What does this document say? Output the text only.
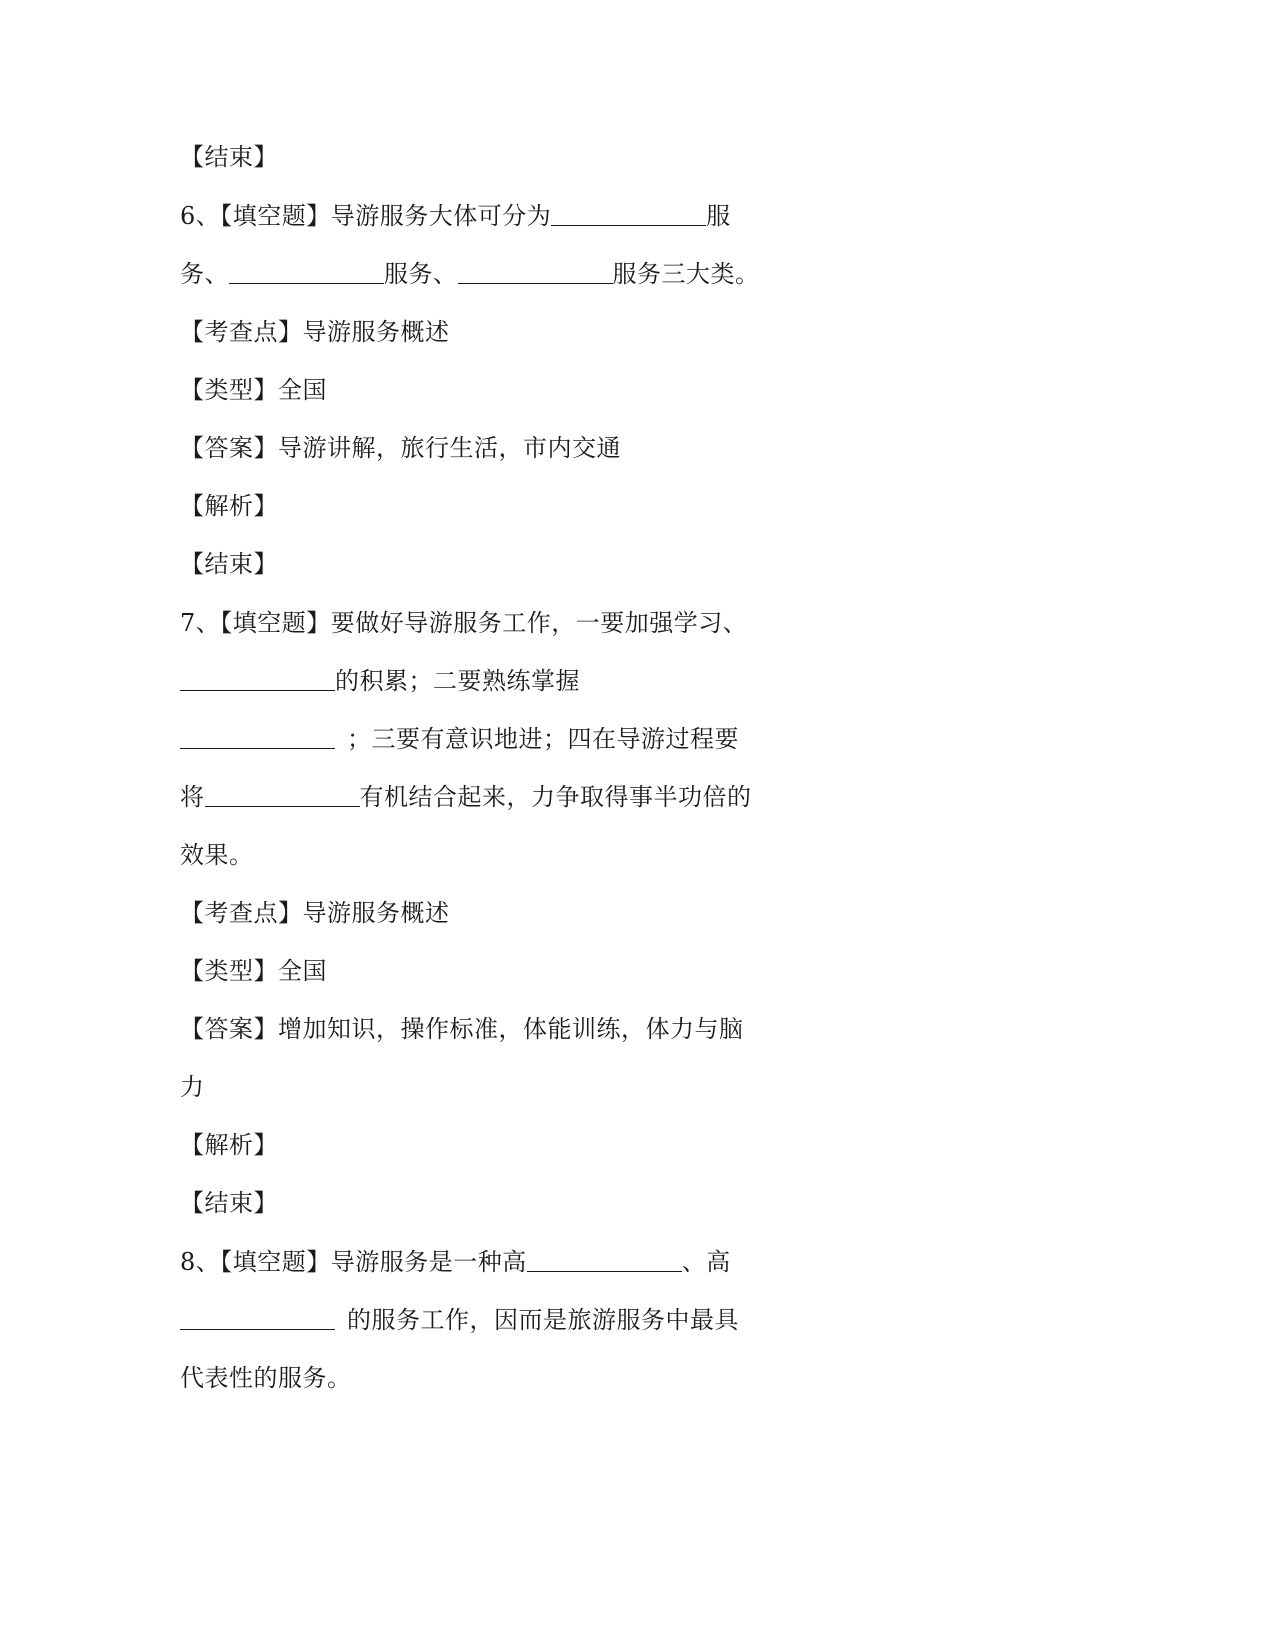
【结束】
6、【填空题】导游服务大体可分为	服
务、	服务、	服务三大类。
【考查点】导游服务概述
【类型】全国
【答案】导游讲解，旅行生活，市内交通
【解析】
【结束】
7、【填空题】要做好导游服务工作，一要加强学习、
的积累；二要熟练掌握
；三要有意识地进；四在导游过程要
将	有机结合起来，力争取得事半功倍的
效果。
【考查点】导游服务概述
【类型】全国
【答案】增加知识，操作标准，体能训练，体力与脑
力
【解析】
【结束】
8、【填空题】导游服务是一种高	、高
的服务工作，因而是旅游服务中最具
代表性的服务。
